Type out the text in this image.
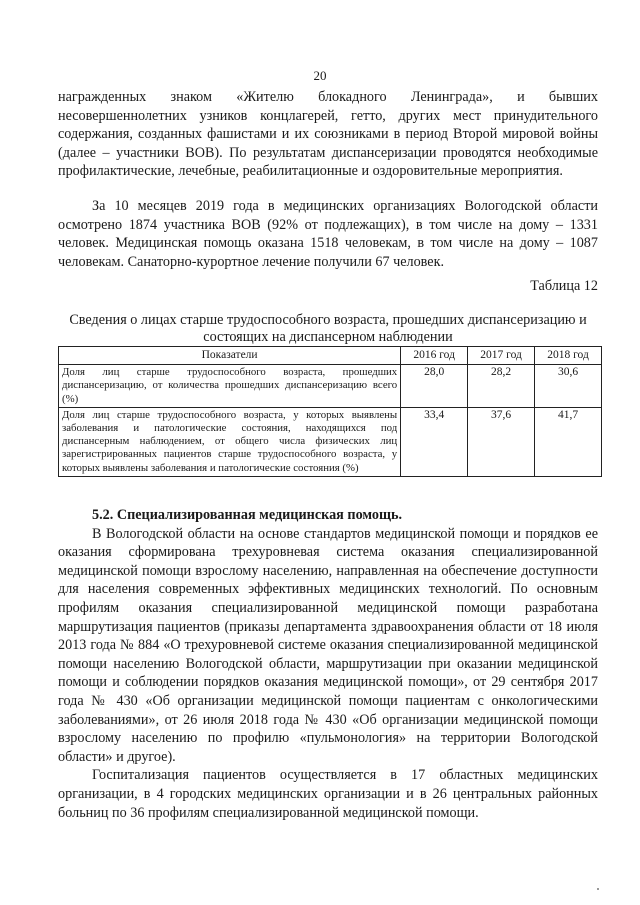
20

награжденных знаком «Жителю блокадного Ленинграда», и бывших несовершеннолетних узников концлагерей, гетто, других мест принудительного содержания, созданных фашистами и их союзниками в период Второй мировой войны (далее – участники ВОВ). По результатам диспансеризации проводятся необходимые профилактические, лечебные, реабилитационные и оздоровительные мероприятия.

За 10 месяцев 2019 года в медицинских организациях Вологодской области осмотрено 1874 участника ВОВ (92% от подлежащих), в том числе на дому – 1331 человек. Медицинская помощь оказана 1518 человекам, в том числе на дому – 1087 человекам. Санаторно-курортное лечение получили 67 человек.

Таблица 12
Сведения о лицах старше трудоспособного возраста, прошедших диспансеризацию и состоящих на диспансерном наблюдении
Показатели	2016 год	2017 год	2018 год
Доля лиц старше трудоспособного возраста, прошедших диспансеризацию, от количества прошедших диспансеризацию всего (%)	28,0	28,2	30,6
Доля лиц старше трудоспособного возраста, у которых выявлены заболевания и патологические состояния, находящихся под диспансерным наблюдением, от общего числа физических лиц зарегистрированных пациентов старше трудоспособного возраста, у которых выявлены заболевания и патологические состояния (%)	33,4	37,6	41,7

5.2. Специализированная медицинская помощь.

В Вологодской области на основе стандартов медицинской помощи и порядков ее оказания сформирована трехуровневая система оказания специализированной медицинской помощи взрослому населению, направленная на обеспечение доступности для населения современных эффективных медицинских технологий. По основным профилям оказания специализированной медицинской помощи разработана маршрутизация пациентов (приказы департамента здравоохранения области от 18 июля 2013 года № 884 «О трехуровневой системе оказания специализированной медицинской помощи населению Вологодской области, маршрутизации при оказании медицинской помощи и соблюдении порядков оказания медицинской помощи», от 29 сентября 2017 года № 430 «Об организации медицинской помощи пациентам с онкологическими заболеваниями», от 26 июля 2018 года № 430 «Об организации медицинской помощи взрослому населению по профилю «пульмонология» на территории Вологодской области» и другое).

Госпитализация пациентов осуществляется в 17 областных медицинских организации, в 4 городских медицинских организации и в 26 центральных районных больниц по 36 профилям специализированной медицинской помощи.
